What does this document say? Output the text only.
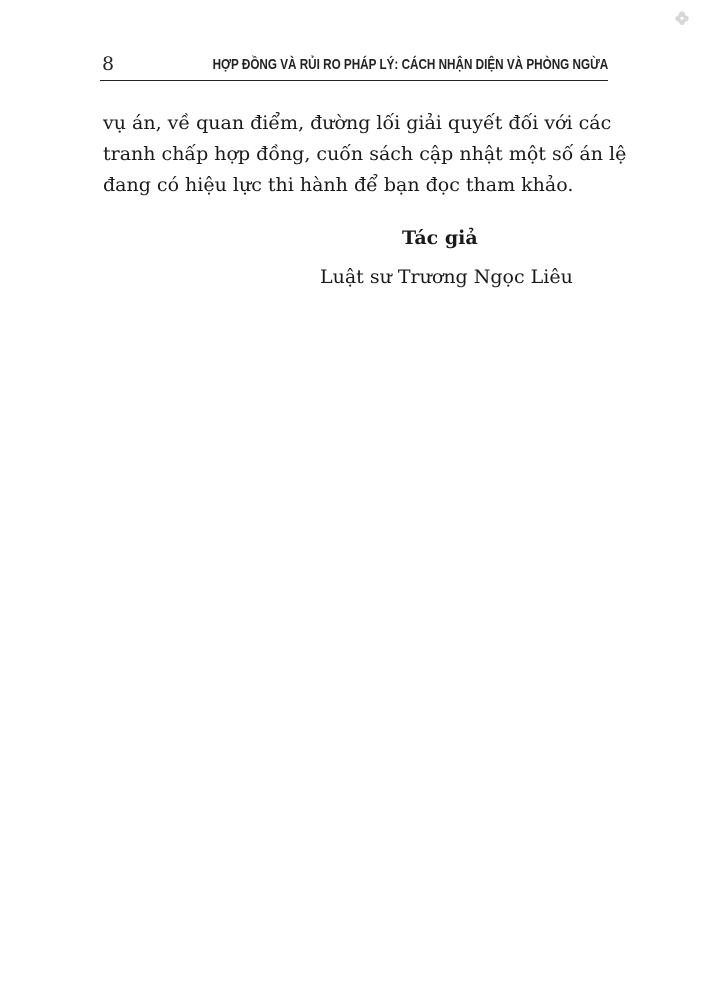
8	HỢP ĐỒNG VÀ RỦI RO PHÁP LÝ: CÁCH NHẬN DIỆN VÀ PHÒNG NGỪA
vụ án, về quan điểm, đường lối giải quyết đối với các
tranh chấp hợp đồng, cuốn sách cập nhật một số án lệ
đang có hiệu lực thi hành để bạn đọc tham khảo.
Tác giả
Luật sư Trương Ngọc Liêu
